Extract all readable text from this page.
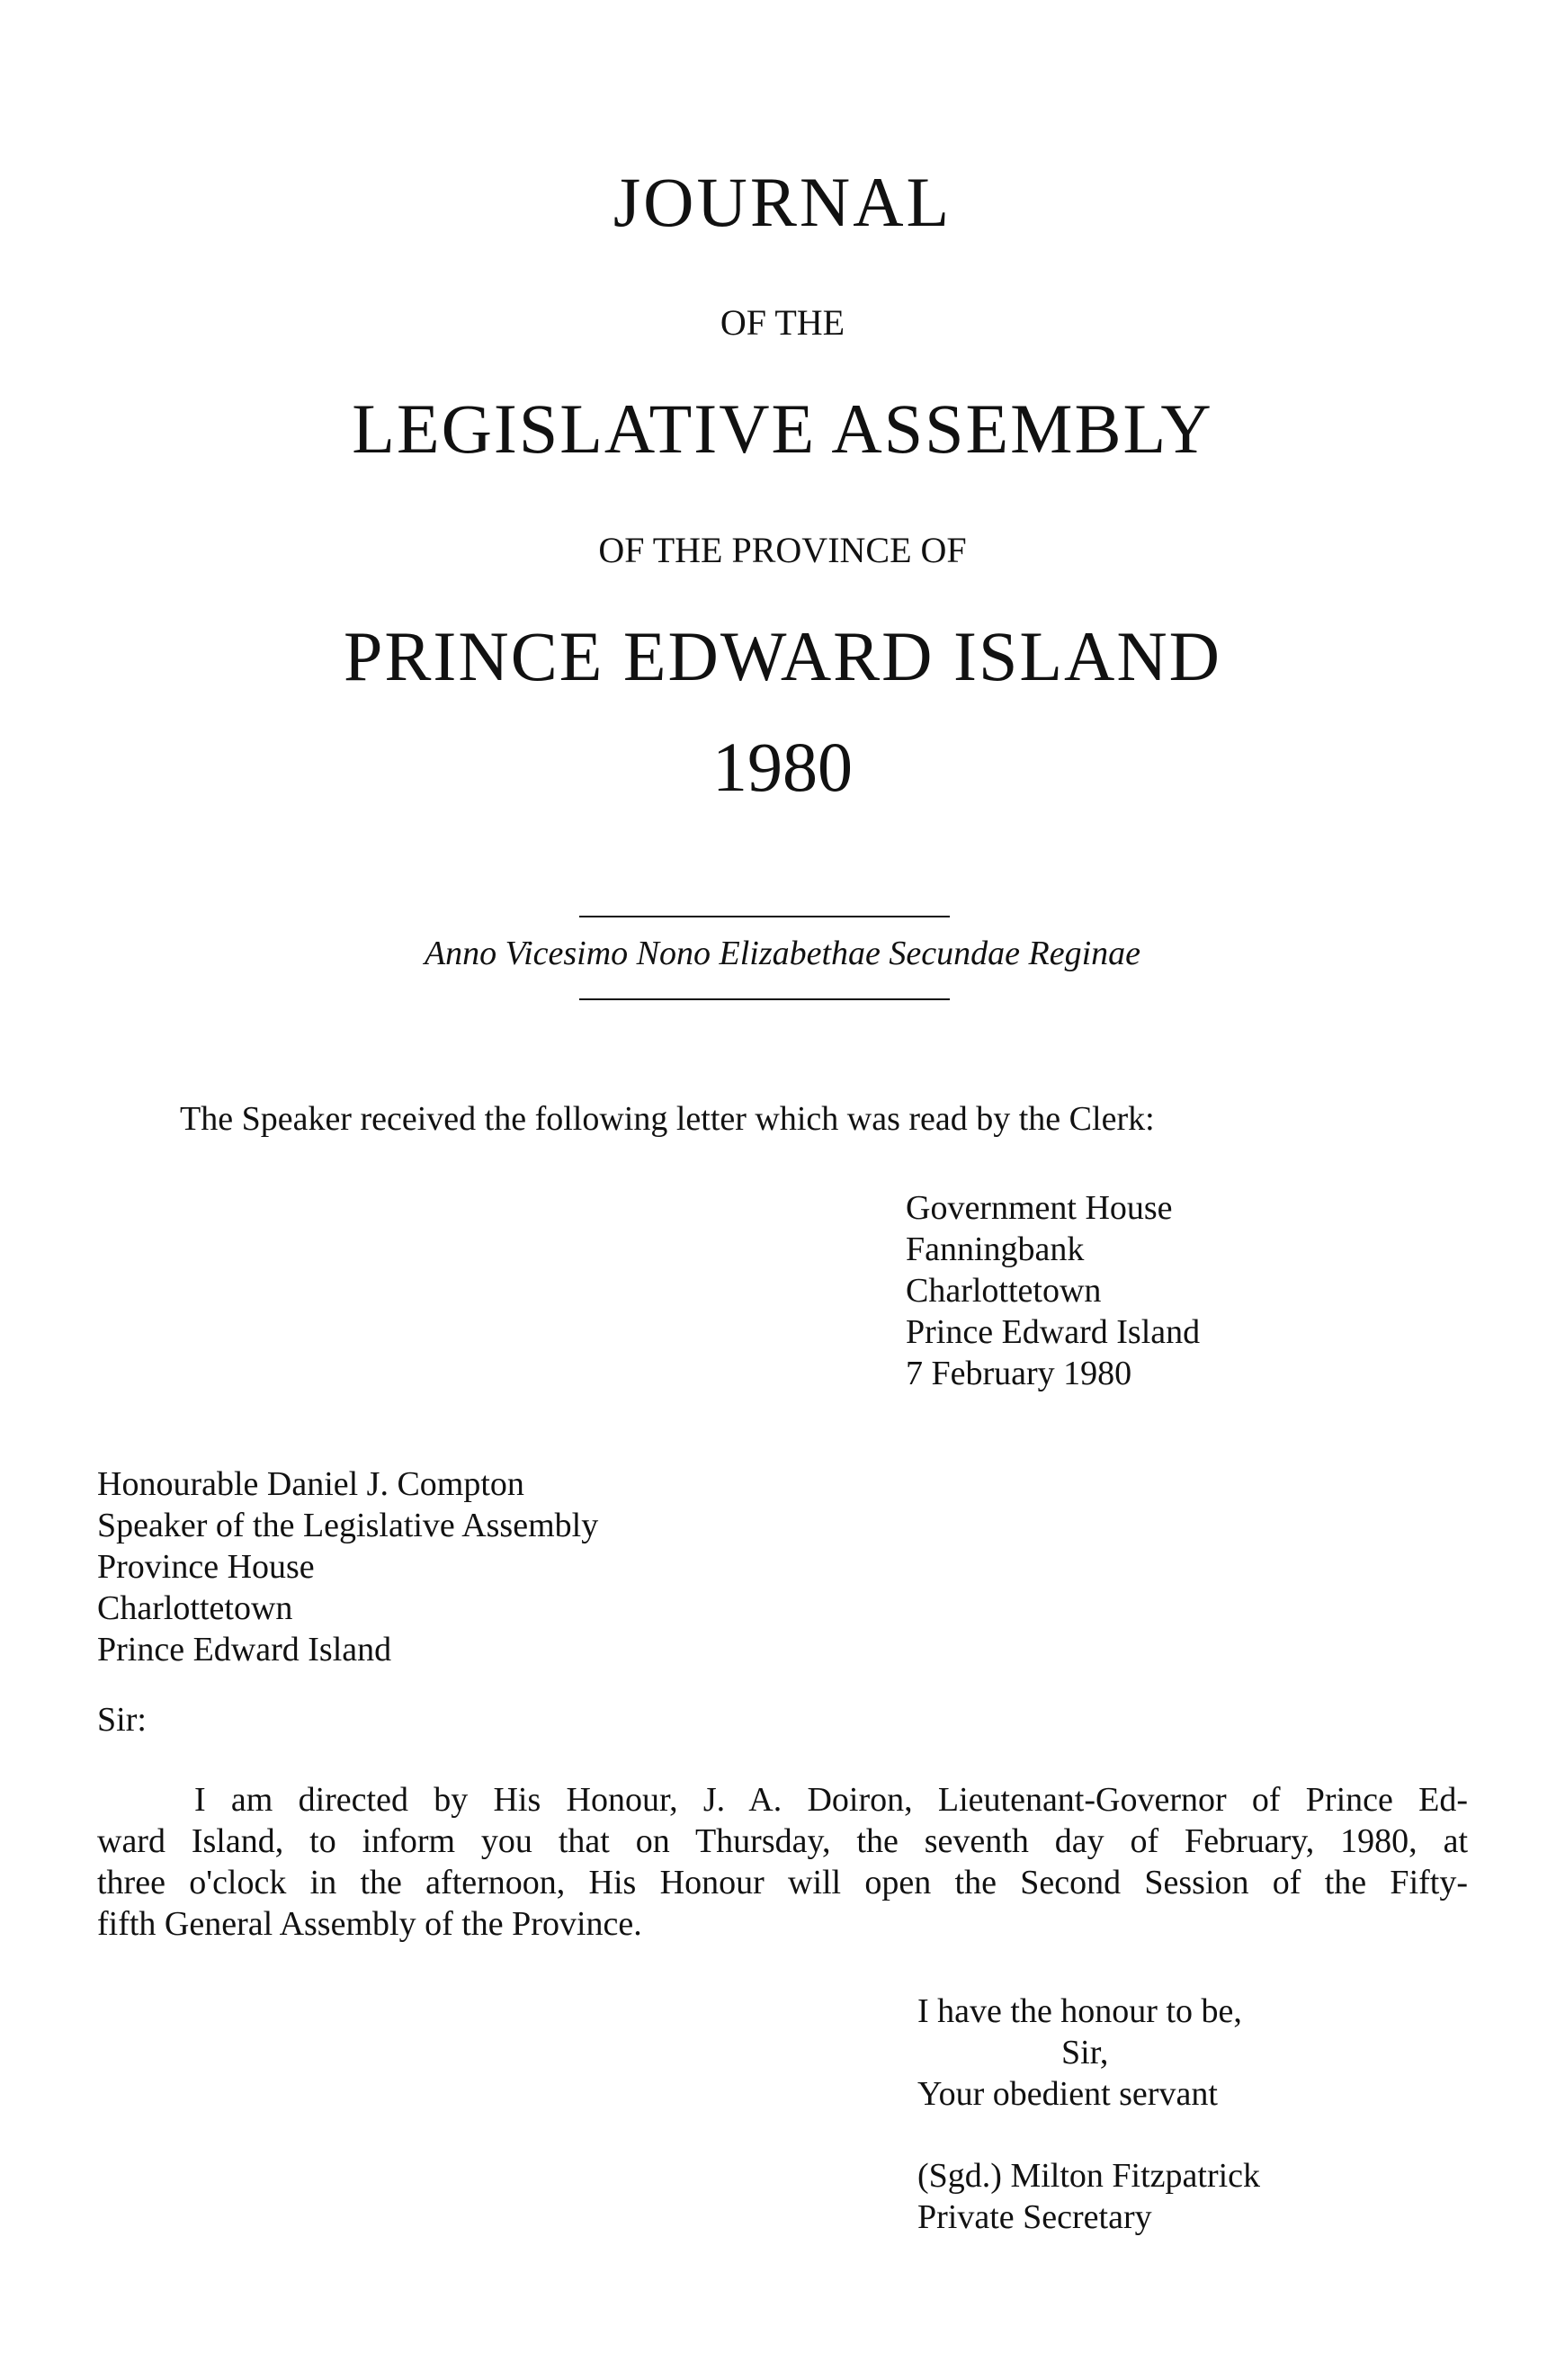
JOURNAL
OF THE
LEGISLATIVE ASSEMBLY
OF THE PROVINCE OF
PRINCE EDWARD ISLAND
1980
Anno Vicesimo Nono Elizabethae Secundae Reginae
The Speaker received the following letter which was read by the Clerk:
Government House
Fanningbank
Charlottetown
Prince Edward Island
7 February 1980
Honourable Daniel J. Compton
Speaker of the Legislative Assembly
Province House
Charlottetown
Prince Edward Island
Sir:
I am directed by His Honour, J. A. Doiron, Lieutenant-Governor of Prince Ed-
ward Island, to inform you that on Thursday, the seventh day of February, 1980, at
three o'clock in the afternoon, His Honour will open the Second Session of the Fifty-
fifth General Assembly of the Province.
I have the honour to be,
Sir,
Your obedient servant
(Sgd.) Milton Fitzpatrick
Private Secretary
